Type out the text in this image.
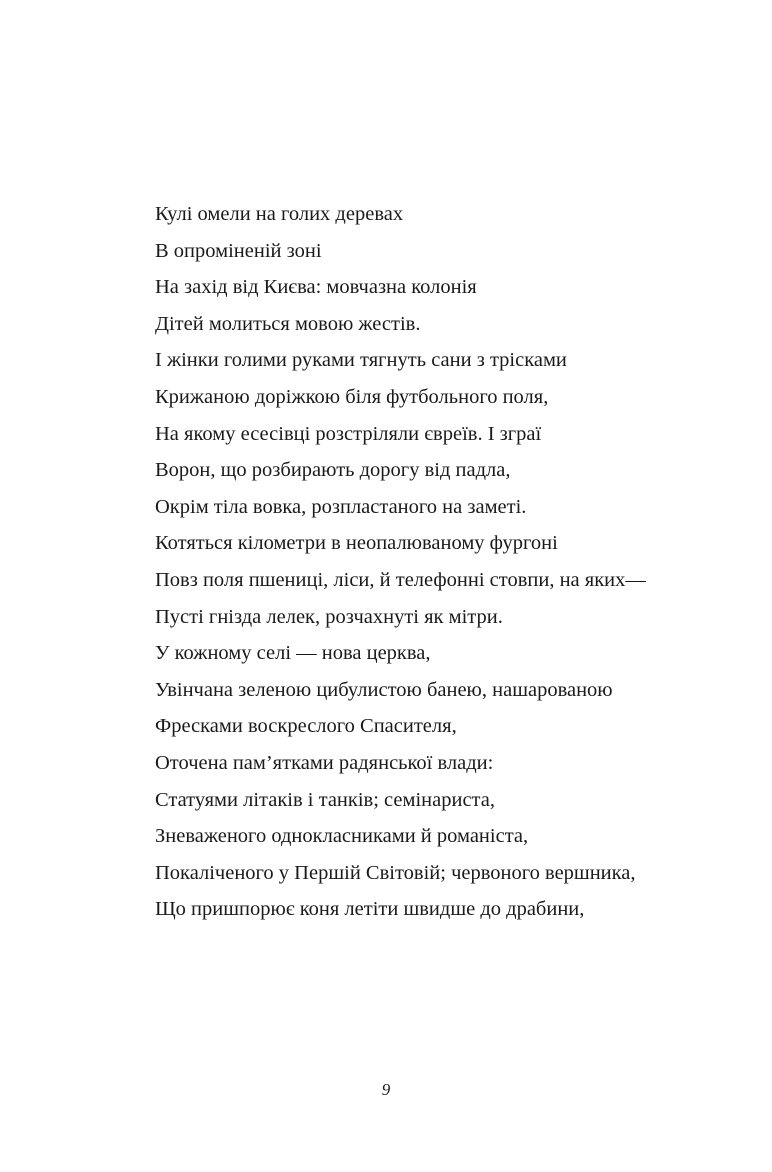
Кулі омели на голих деревах
В опроміненій зоні
На захід від Києва: мовчазна колонія
Дітей молиться мовою жестів.
І жінки голими руками тягнуть сани з трісками
Крижаною доріжкою біля футбольного поля,
На якому есесівці розстріляли євреїв. І зграї
Ворон, що розбирають дорогу від падла,
Окрім тіла вовка, розпластаного на заметі.
Котяться кілометри в неопалюваному фургоні
Повз поля пшениці, ліси, й телефонні стовпи, на яких—
Пусті гнізда лелек, розчахнуті як мітри.
У кожному селі — нова церква,
Увінчана зеленою цибулистою банею, нашарованою
Фресками воскреслого Спасителя,
Оточена пам’ятками радянської влади:
Статуями літаків і танків; семінариста,
Зневаженого однокласниками й романіста,
Покаліченого у Першій Світовій; червоного вершника,
Що пришпорює коня летіти швидше до драбини,
9
